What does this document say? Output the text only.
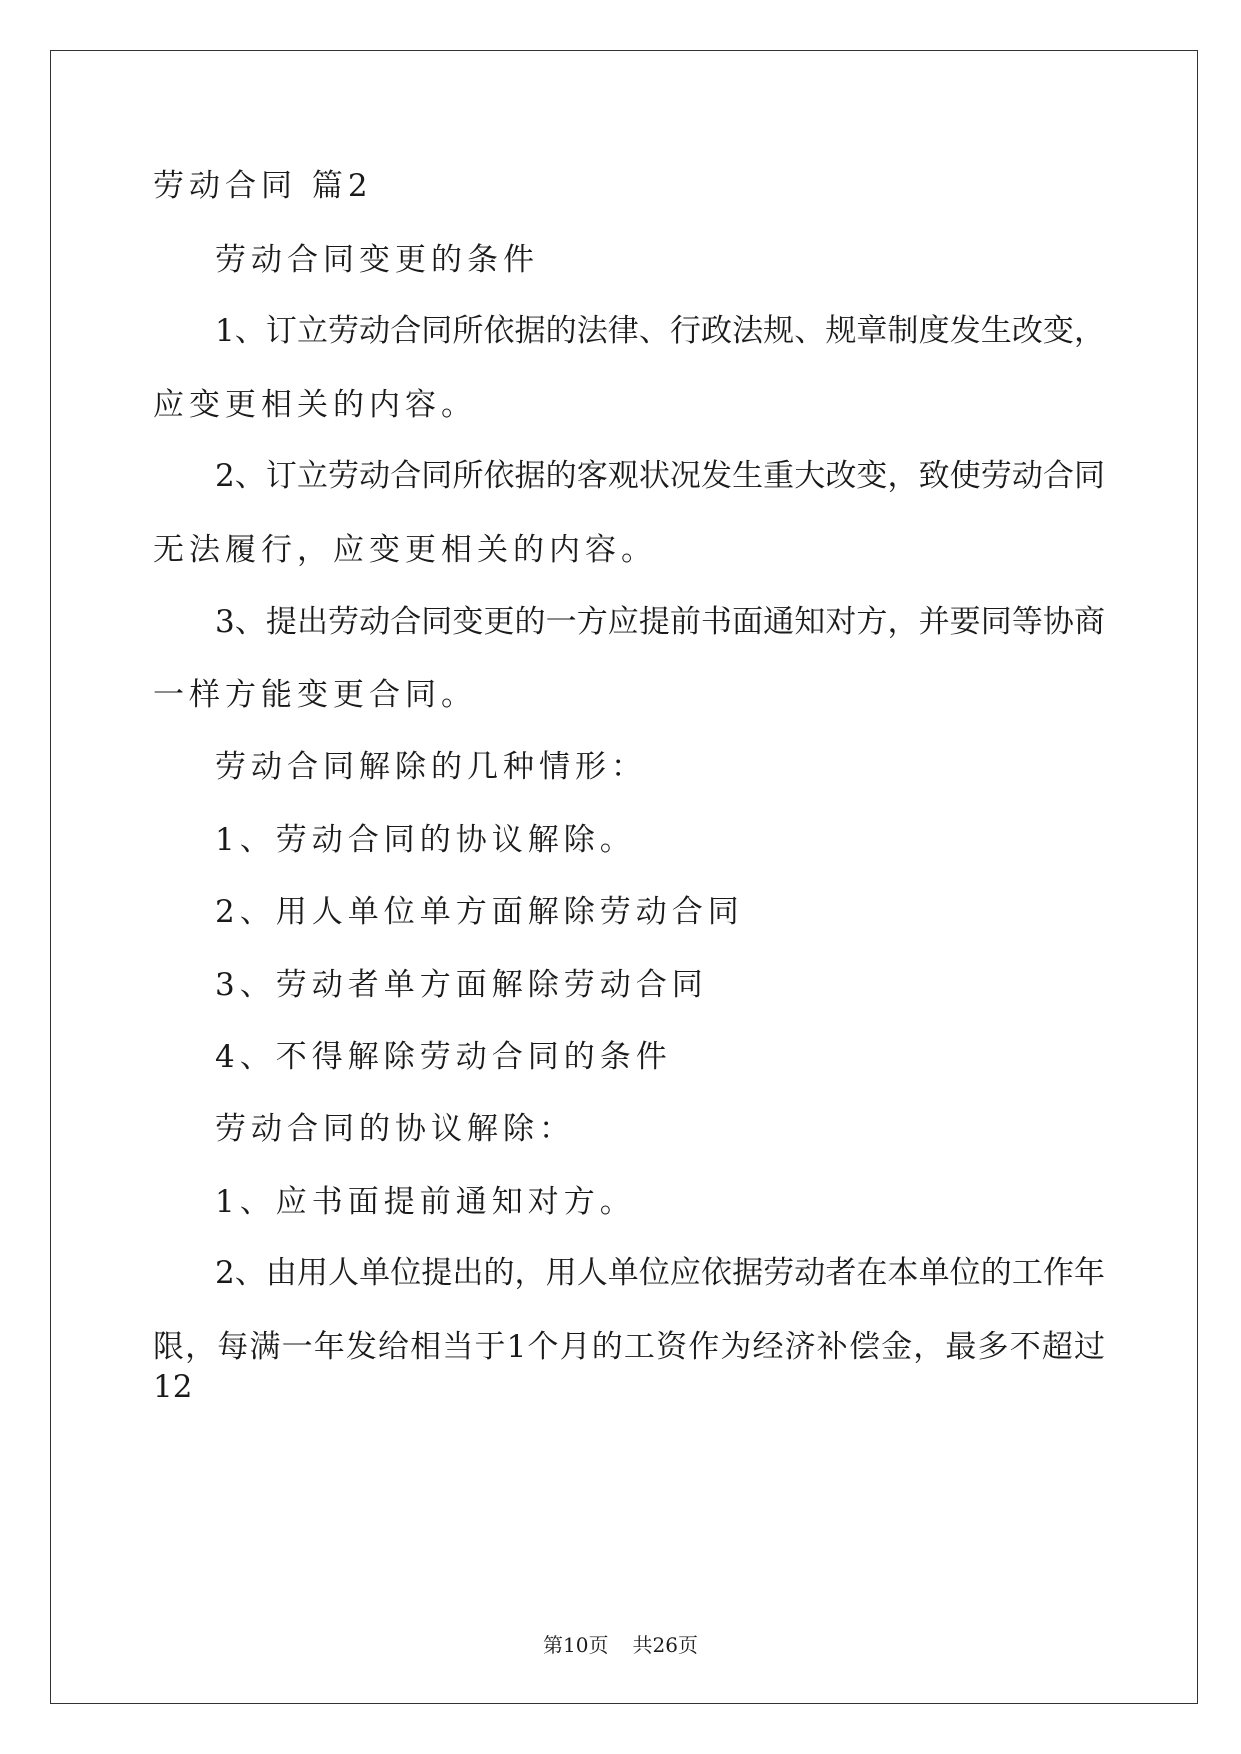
劳动合同 篇2
劳动合同变更的条件
1、订立劳动合同所依据的法律、行政法规、规章制度发生改变，
应变更相关的内容。
2、订立劳动合同所依据的客观状况发生重大改变，致使劳动合同
无法履行，应变更相关的内容。
3、提出劳动合同变更的一方应提前书面通知对方，并要同等协商
一样方能变更合同。
劳动合同解除的几种情形：
1、劳动合同的协议解除。
2、用人单位单方面解除劳动合同
3、劳动者单方面解除劳动合同
4、不得解除劳动合同的条件
劳动合同的协议解除：
1、应书面提前通知对方。
2、由用人单位提出的，用人单位应依据劳动者在本单位的工作年
限，每满一年发给相当于1个月的工资作为经济补偿金，最多不超过12
第10页 共26页
